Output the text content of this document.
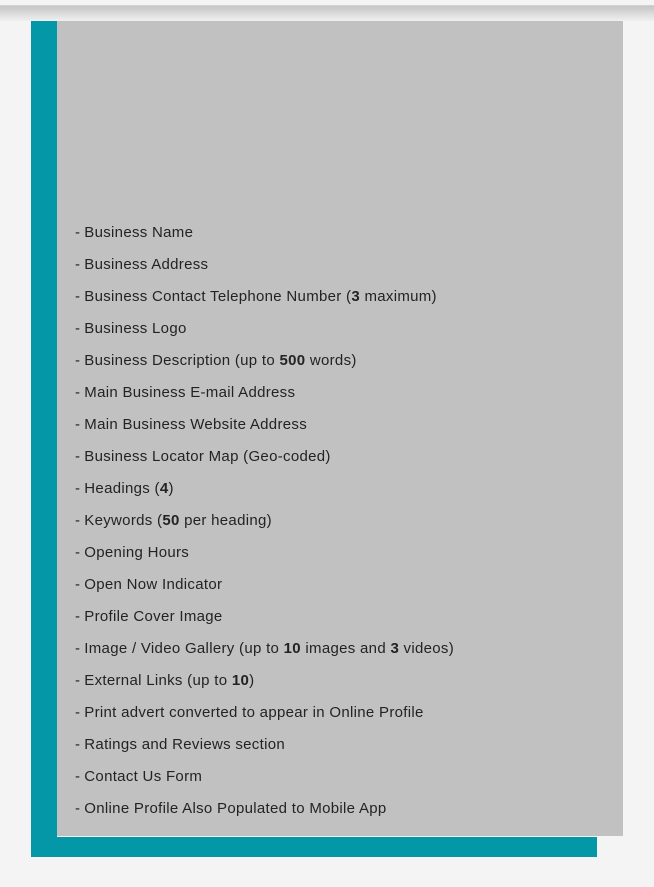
- Business Name
- Business Address
- Business Contact Telephone Number (3 maximum)
- Business Logo
- Business Description (up to 500 words)
- Main Business E-mail Address
- Main Business Website Address
- Business Locator Map (Geo-coded)
- Headings (4)
- Keywords (50 per heading)
- Opening Hours
- Open Now Indicator
- Profile Cover Image
- Image / Video Gallery (up to 10 images and 3 videos)
- External Links (up to 10)
- Print advert converted to appear in Online Profile
- Ratings and Reviews section
- Contact Us Form
- Online Profile Also Populated to Mobile App
